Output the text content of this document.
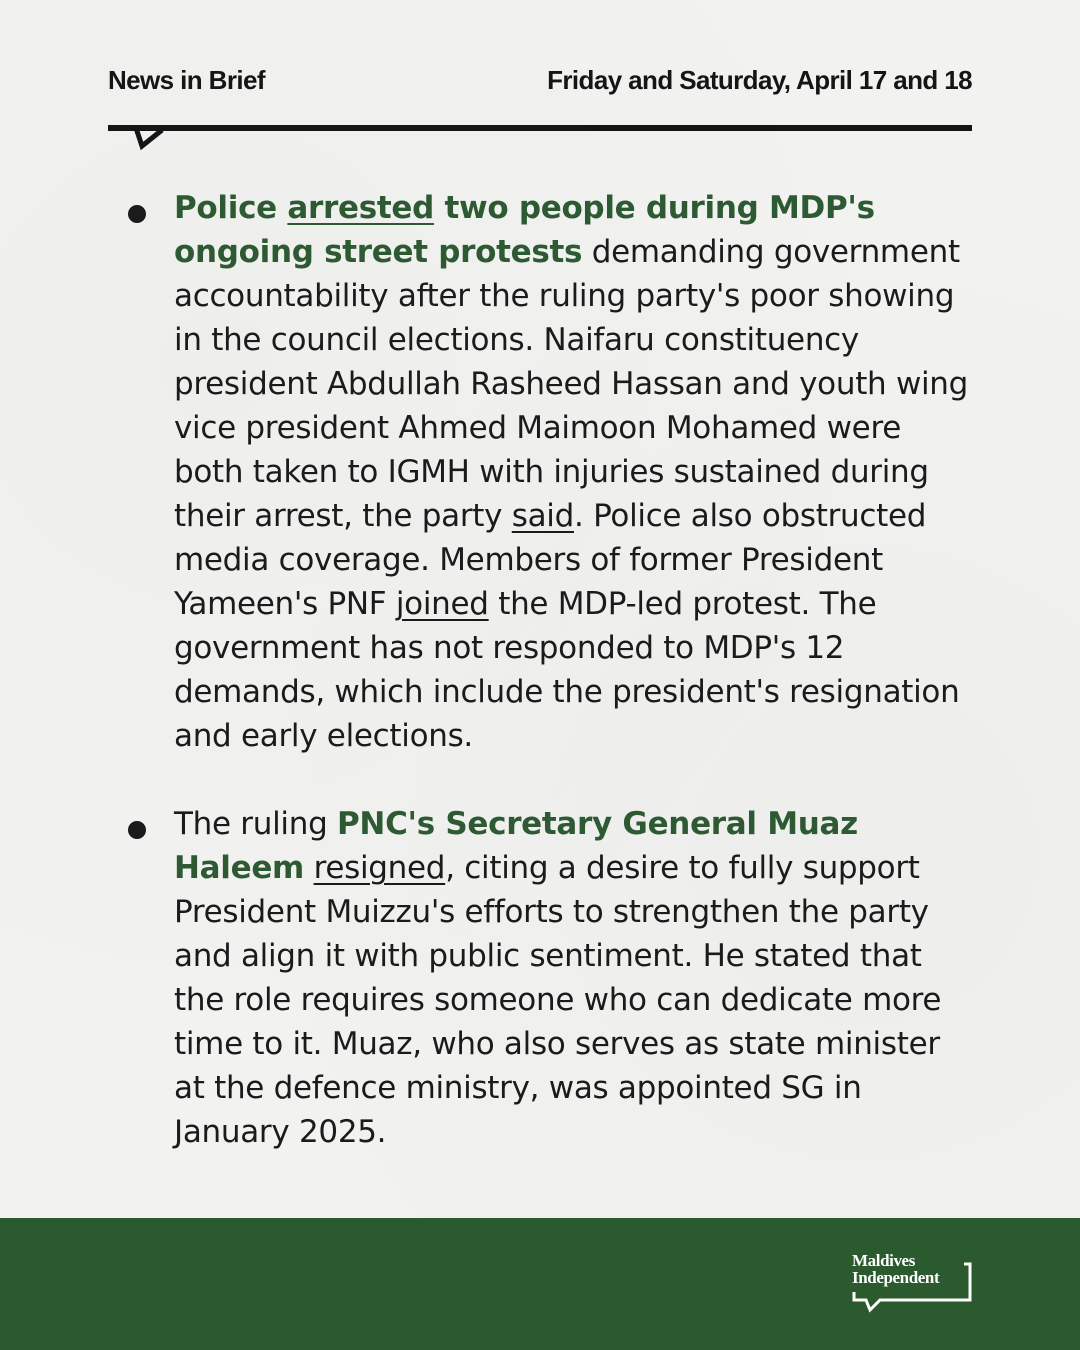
News in Brief	Friday and Saturday, April 17 and 18
Police arrested two people during MDP's ongoing street protests demanding government accountability after the ruling party's poor showing in the council elections. Naifaru constituency president Abdullah Rasheed Hassan and youth wing vice president Ahmed Maimoon Mohamed were both taken to IGMH with injuries sustained during their arrest, the party said. Police also obstructed media coverage. Members of former President Yameen's PNF joined the MDP-led protest. The government has not responded to MDP's 12 demands, which include the president's resignation and early elections.
The ruling PNC's Secretary General Muaz Haleem resigned, citing a desire to fully support President Muizzu's efforts to strengthen the party and align it with public sentiment. He stated that the role requires someone who can dedicate more time to it. Muaz, who also serves as state minister at the defence ministry, was appointed SG in January 2025.
Maldives
Independent
